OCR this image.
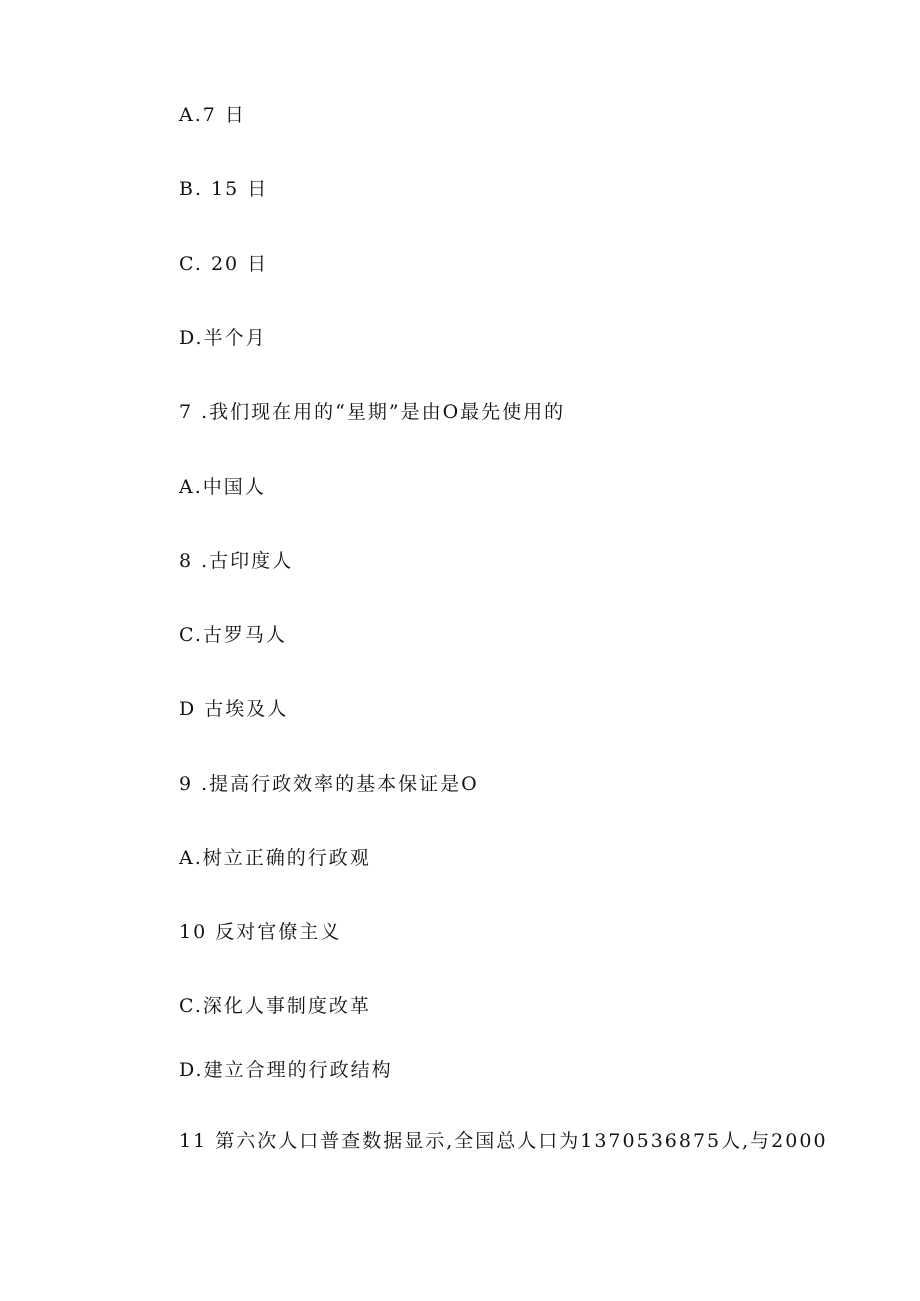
A.7 日
B. 15 日
C. 20 日
D.半个月
7 .我们现在用的“星期”是由O最先使用的
A.中国人
8 .古印度人
C.古罗马人
D 古埃及人
9 .提高行政效率的基本保证是O
A.树立正确的行政观
10 反对官僚主义
C.深化人事制度改革
D.建立合理的行政结构
11 第六次人口普查数据显示,全国总人口为1370536875人,与2000
